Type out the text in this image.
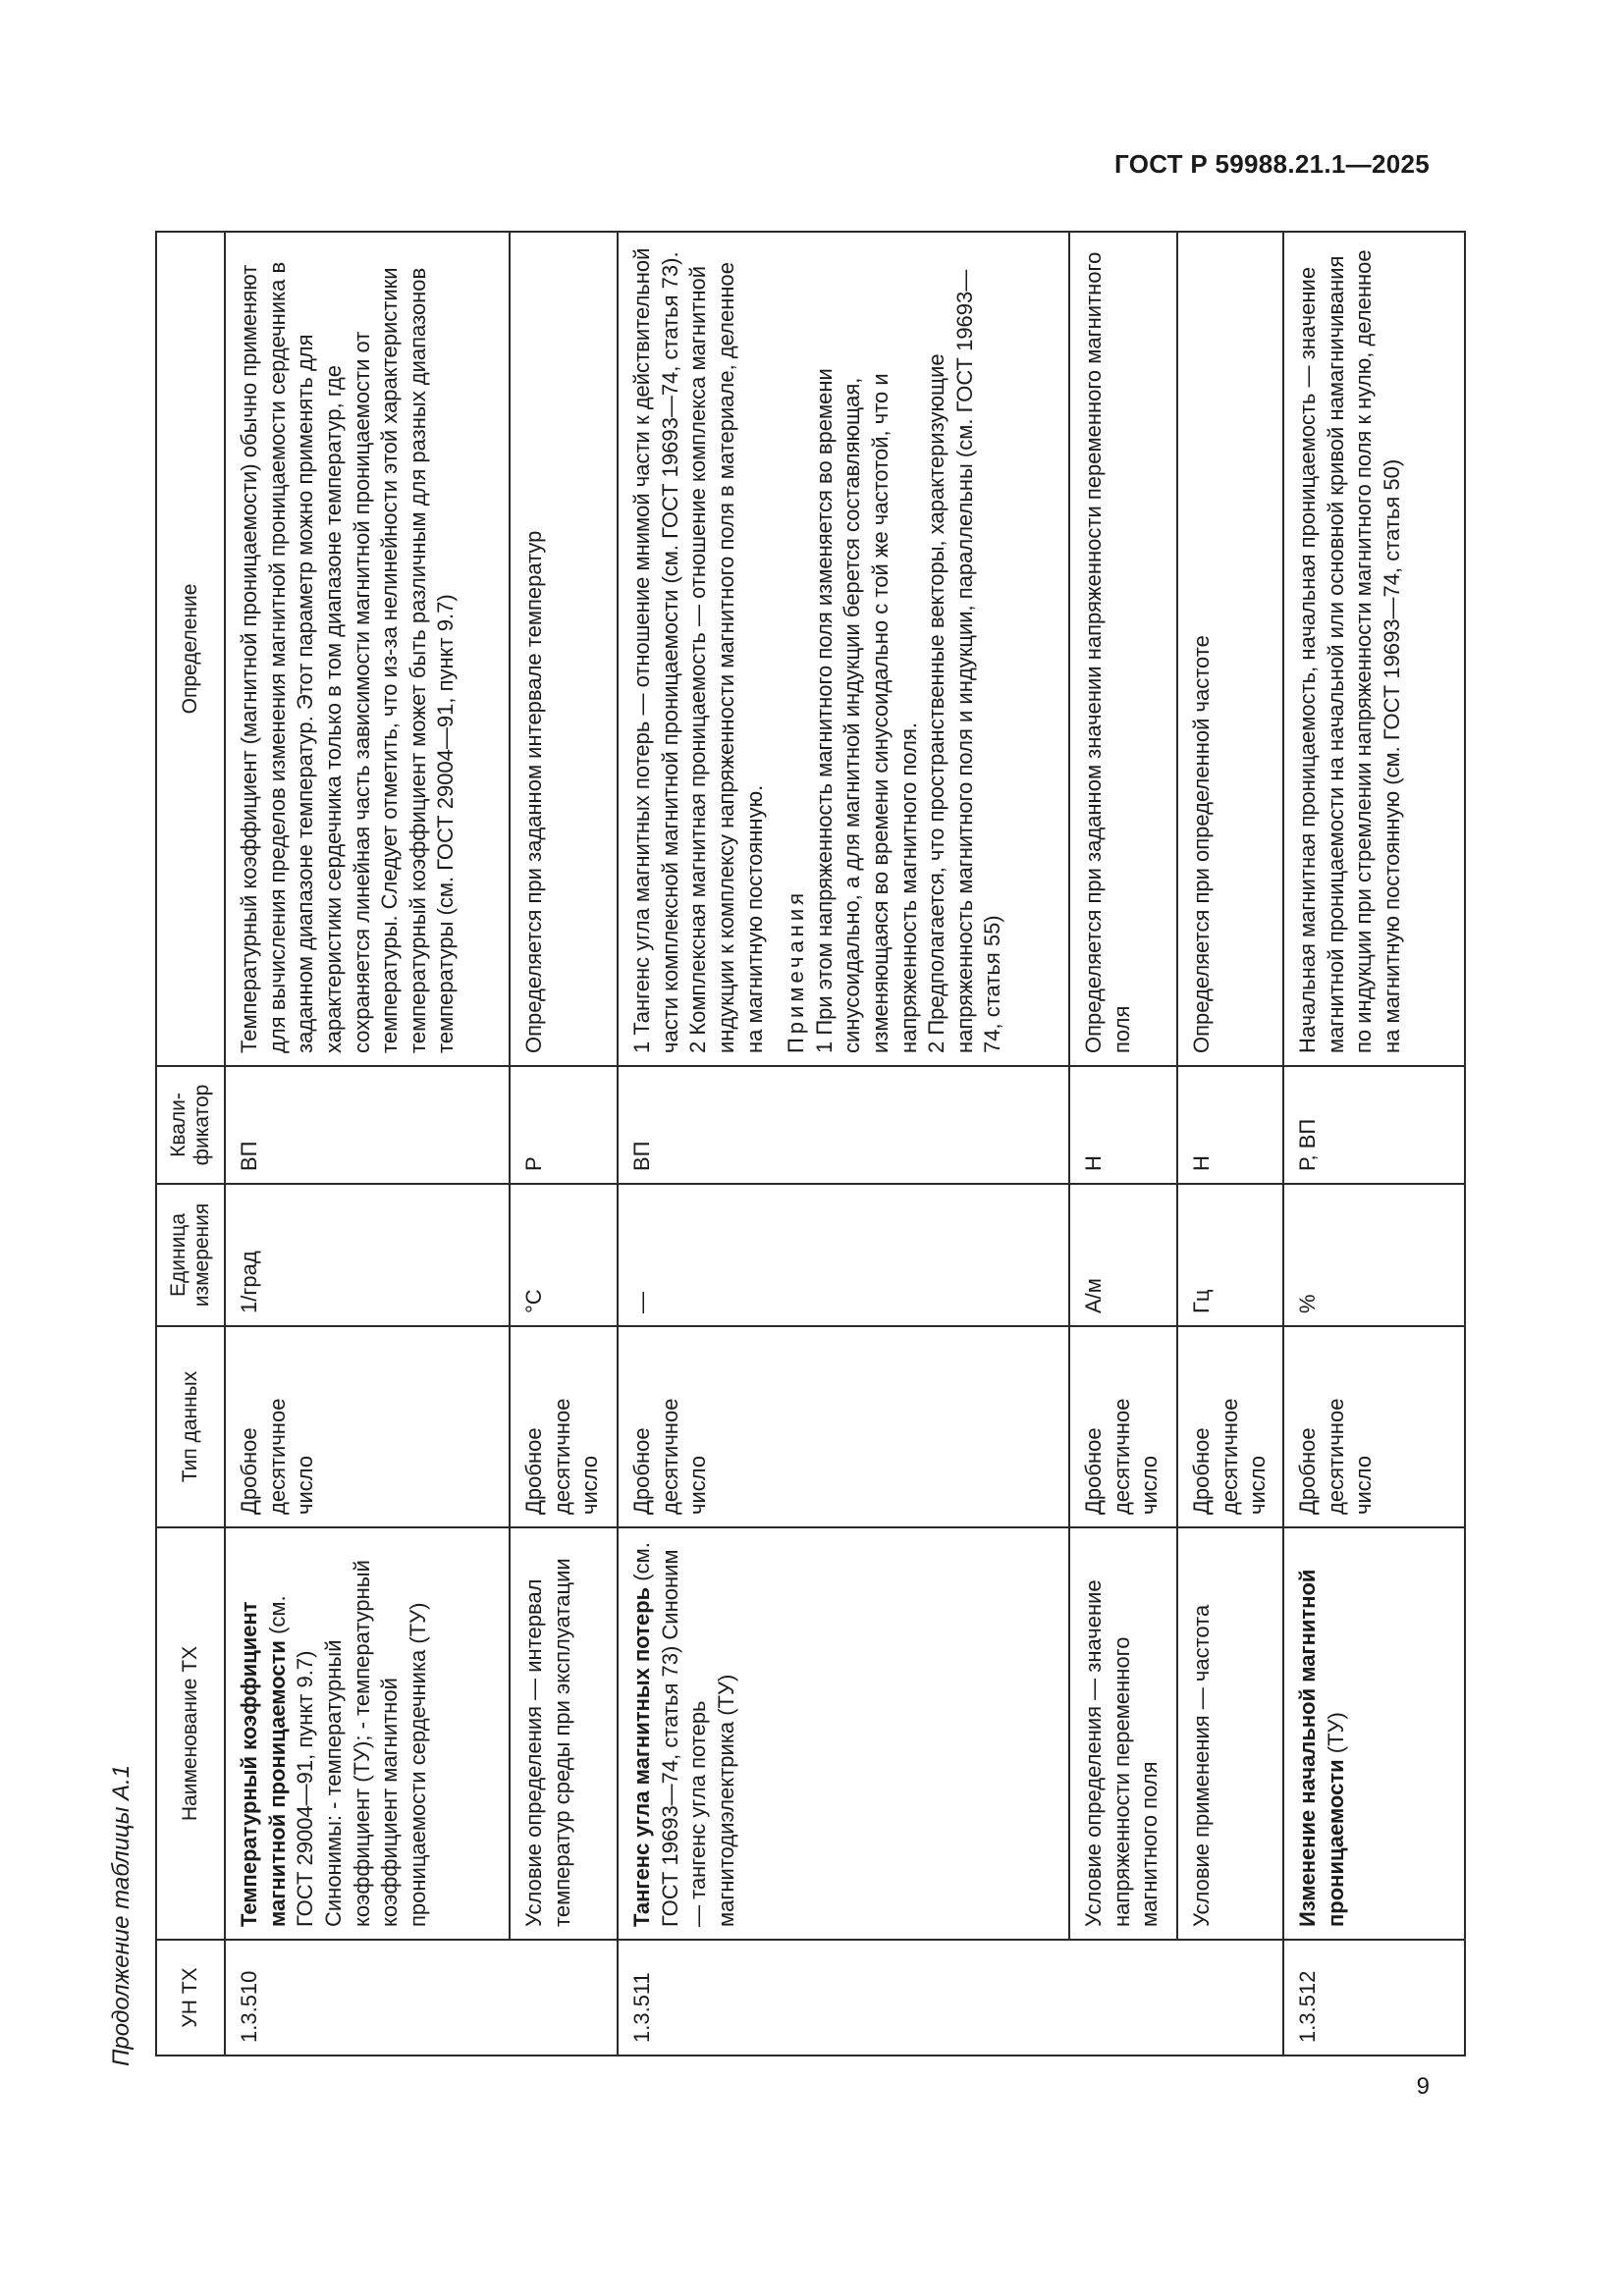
ГОСТ Р 59988.21.1—2025
9
Продолжение таблицы А.1 УН ТХ	Наименование ТХ	Тип данных	Единица измерения	Квали-фикатор	Определение
1.3.510	Температурный коэффициент магнитной проницаемости (см. ГОСТ 29004—91, пункт 9.7) Синонимы: - температурный коэффициент (ТУ); - температурный коэффициент магнитной проницаемости сердечника (ТУ)	Дробное десятичное число	1/град	ВП	Температурный коэффициент (магнитной проницаемости) обычно применяют для вычисления пределов изменения магнитной проницаемости сердечника в заданном диапазоне температур. Этот параметр можно применять для характеристики сердечника только в том диапазоне температур, где сохраняется линейная часть зависимости магнитной проницаемости от температуры. Следует отметить, что из-за нелинейности этой характеристики температурный коэффициент может быть различным для разных диапазонов температуры (см. ГОСТ 29004—91, пункт 9.7)
	Условие определения — интервал температур среды при эксплуатации	Дробное десятичное число	°С	Р	Определяется при заданном интервале температур
1.3.511	Тангенс угла магнитных потерь (см. ГОСТ 19693—74, статья 73) Синоним — тангенс угла потерь магнитодиэлектрика (ТУ)	Дробное десятичное число	—	ВП	1 Тангенс угла магнитных потерь — отношение мнимой части к действительной части комплексной магнитной проницаемости (см. ГОСТ 19693—74, статья 73). 2 Комплексная магнитная проницаемость — отношение комплекса магнитной индукции к комплексу напряженности магнитного поля в материале, деленное на магнитную постоянную. Примечания 1 При этом напряженность магнитного поля изменяется во времени синусоидально, а для магнитной индукции берется составляющая, изменяющаяся во времени синусоидально с той же частотой, что и напряженность магнитного поля. 2 Предполагается, что пространственные векторы, характеризующие напряженность магнитного поля и индукции, параллельны (см. ГОСТ 19693—74, статья 55)

	Условие определения — значение напряженности переменного магнитного поля	Дробное десятичное число	А/м	Н	Определяется при заданном значении напряженности переменного магнитного поля
	Условие применения — частота	Дробное десятичное число	Гц	Н	Определяется при определенной частоте
1.3.512	Изменение начальной магнитной проницаемости (ТУ)	Дробное десятичное число	%	Р, ВП	Начальная магнитная проницаемость, начальная проницаемость — значение магнитной проницаемости на начальной или основной кривой намагничивания по индукции при стремлении напряженности магнитного поля к нулю, деленное на магнитную постоянную (см. ГОСТ 19693—74, статья 50)
